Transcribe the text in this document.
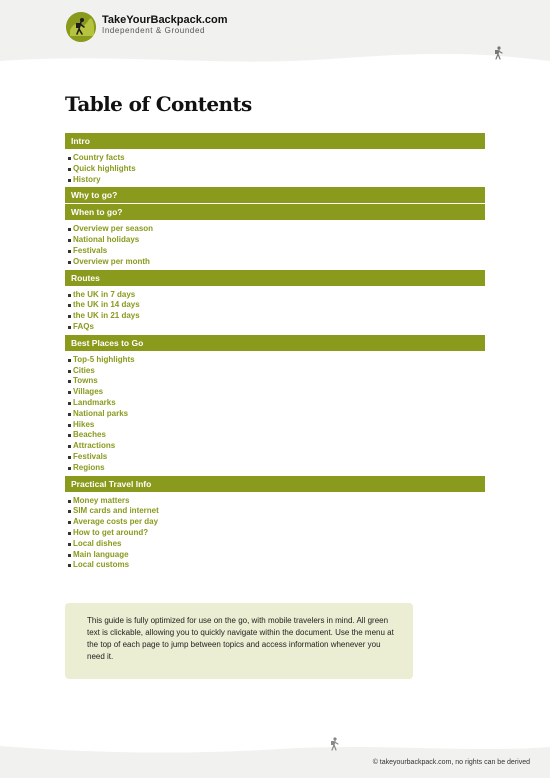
TakeYourBackpack.com
Independent & Grounded
Table of Contents
Intro
Country facts
Quick highlights
History
Why to go?
When to go?
Overview per season
National holidays
Festivals
Overview per month
Routes
the UK in 7 days
the UK in 14 days
the UK in 21 days
FAQs
Best Places to Go
Top-5 highlights
Cities
Towns
Villages
Landmarks
National parks
Hikes
Beaches
Attractions
Festivals
Regions
Practical Travel Info
Money matters
SIM cards and internet
Average costs per day
How to get around?
Local dishes
Main language
Local customs
This guide is fully optimized for use on the go, with mobile travelers in mind. All green text is clickable, allowing you to quickly navigate within the document. Use the menu at the top of each page to jump between topics and access information whenever you need it.
© takeyourbackpack.com, no rights can be derived
